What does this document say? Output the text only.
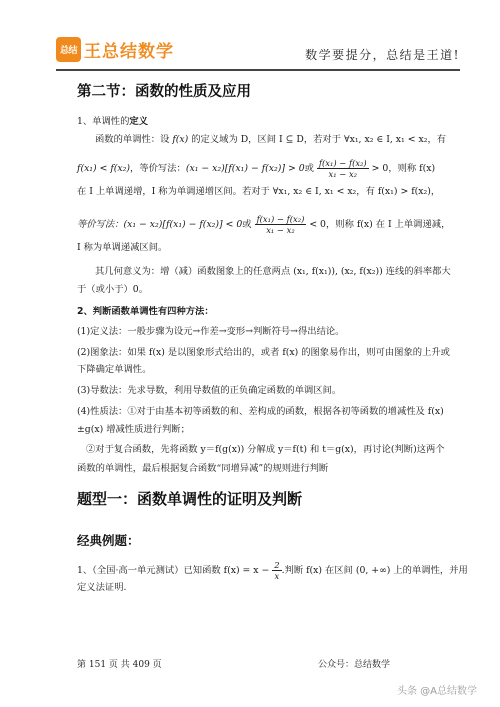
总结 王总结数学	数学要提分，总结是王道!
第二节：函数的性质及应用
1、单调性的定义
函数的单调性：设 f(x) 的定义域为 D，区间 I ⊆ D，若对于 ∀x₁, x₂ ∈ I, x₁ < x₂，有
f(x₁) < f(x₂)，等价写法：(x₁ − x₂)[f(x₁) − f(x₂)] > 0或 $\frac{\text{f(x₁) − f(x₂)}}{\text{x₁ − x₂}} > 0$，则称 f(x)
在 I 上单调递增，I 称为单调递增区间。若对于 ∀x₁, x₂ ∈ I, x₁ < x₂，有 f(x₁) > f(x₂)，
等价写法：(x₁ − x₂)[f(x₁) − f(x₂)] < 0或 $\frac{\text{f(x₁) − f(x₂)}}{\text{x₁ − x₂}} < 0$，则称 f(x) 在 I 上单调递减，
I 称为单调递减区间。
其几何意义为：增（减）函数图象上的任意两点 (x₁, f(x₁)), (x₂, f(x₂)) 连线的斜率都大
于（或小于）0。
2、判断函数单调性有四种方法：
(1)定义法：一般步骤为设元→作差→变形→判断符号→得出结论。
(2)图象法：如果 f(x) 是以图象形式给出的，或者 f(x) 的图象易作出，则可由图象的上升或
下降确定单调性。
(3)导数法：先求导数，利用导数值的正负确定函数的单调区间。
(4)性质法：①对于由基本初等函数的和、差构成的函数，根据各初等函数的增减性及 f(x)
±g(x) 增减性质进行判断；
②对于复合函数，先将函数 y＝f(g(x)) 分解成 y＝f(t) 和 t＝g(x)，再讨论(判断)这两个
函数的单调性，最后根据复合函数“同增异减”的规则进行判断
题型一：函数单调性的证明及判断
经典例题：
1、（全国·高一单元测试）已知函数 $f(x) = x - \frac{2}{x}$ .判断 f(x) 在区间 (0, +∞) 上的单调性，并用
定义法证明.
第 151 页 共 409 页	公众号：总结数学
头条 @A总结数学
